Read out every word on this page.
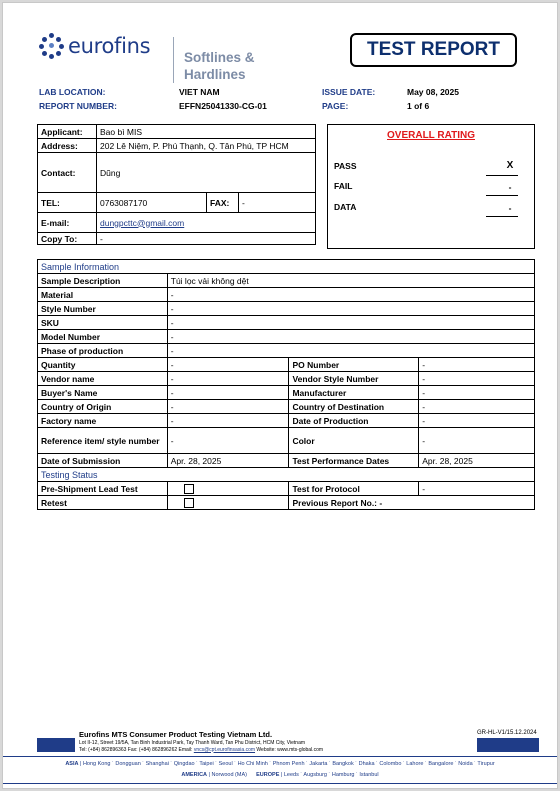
eurofins Softlines &
Hardlines
TEST REPORT
LAB LOCATION:	VIET NAM
REPORT NUMBER:	EFFN25041330-CG-01
ISSUE DATE:	May 08, 2025
PAGE:	1 of 6
Applicant:	Bao bì MIS		
Address:	202 Lê Niệm, P. Phú Thạnh, Q. Tân Phú, TP HCM		
Contact:	Dũng		
TEL:	0763087170	FAX:	-
E-mail:	dungpcttc@gmail.com		
Copy To:	-		
OVERALL RATING
PASS	X
FAIL	-
DATA	-
Sample Information			
Sample Description	Túi lọc vải không dệt		
Material	-		
Style Number	-		
SKU	-		
Model Number	-		
Phase of production	-		
Quantity	-	PO Number	-
Vendor name	-	Vendor Style Number	-
Buyer's Name	-	Manufacturer	-
Country of Origin	-	Country of Destination	-
Factory name	-	Date of Production	-
Reference item/ style number	-	Color	-
Date of Submission	Apr. 28, 2025	Test Performance Dates	Apr. 28, 2025
Testing Status			
Pre-Shipment Lead Test		Test for Protocol	-
Retest		Previous Report No.: -	
Eurofins MTS Consumer Product Testing Vietnam Ltd.	GR-HL-V1/15.12.2024
Lot II-12, Street 19/5A, Tan Binh Industrial Park, Tay Thanh Ward, Tan Phu District, HCM City, Vietnam
Tel: (+84) 862896363 Fax: (+84) 862896262 Email: vncs@cpt.eurofinsasia.com Website: www.mts-global.com
ASIA | Hong Kong ˙ Dongguan ˙ Shanghai ˙ Qingdao ˙ Taipei ˙ Seoul ˙ Ho Chi Minh ˙ Phnom Penh ˙ Jakarta ˙ Bangkok ˙ Dhaka ˙ Colombo ˙ Lahore ˙ Bangalore ˙ Noida ˙ Tirupur
AMERICA | Norwood (MA) EUROPE | Leeds ˙ Augsburg ˙ Hamburg ˙ Istanbul
